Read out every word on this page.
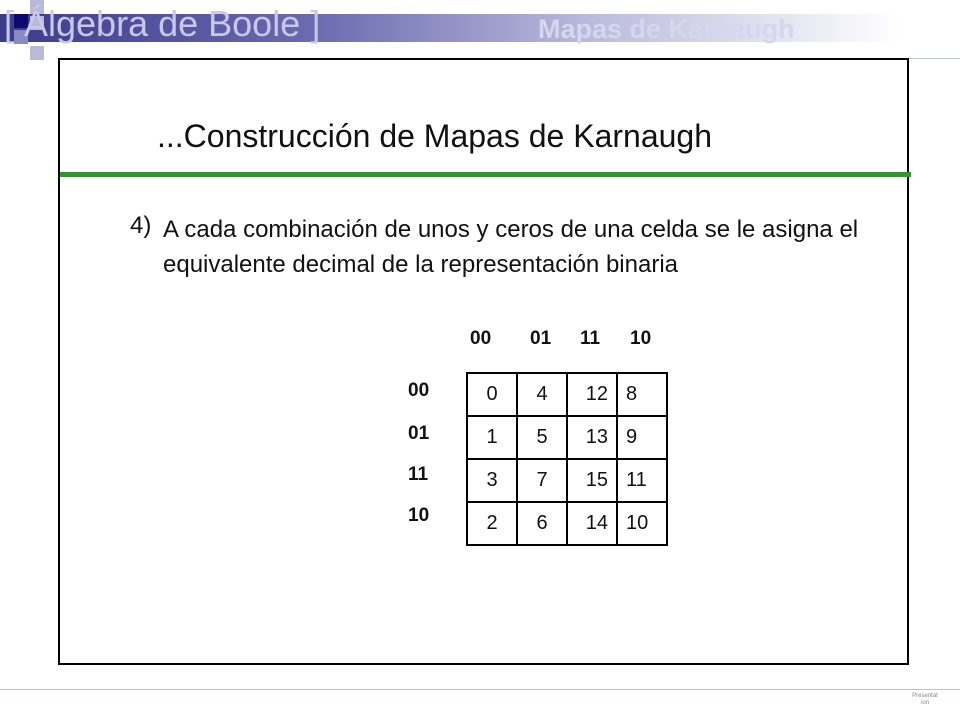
[ Álgebra de Boole ]	Mapas de Karnaugh
...Construcción de Mapas de Karnaugh
4) A cada combinación de unos y ceros de una celda se le asigna el equivalente decimal de la representación binaria
00 01 11 10
00
01
11
10
0	4	12	8
1	5	13	9
3	7	15	11
2	6	14	10
Presentat ion
